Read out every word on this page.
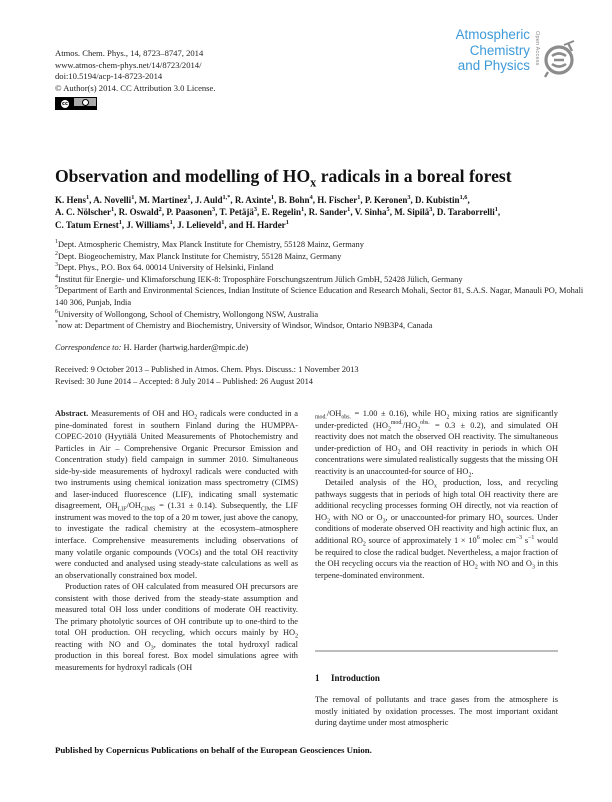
Atmos. Chem. Phys., 14, 8723–8747, 2014
www.atmos-chem-phys.net/14/8723/2014/
doi:10.5194/acp-14-8723-2014
© Author(s) 2014. CC Attribution 3.0 License.
cc
Atmospheric
Chemistry
and Physics
Open Access
Observation and modelling of $HO_x$ radicals in a boreal forest
K. Hens$^1$, A. Novelli$^1$, M. Martinez$^1$, J. Auld$^{1,*}$, R. Axinte$^1$, B. Bohn$^4$, H. Fischer$^1$, P. Keronen$^3$, D. Kubistin$^{1,6}$,
A. C. Nölscher$^1$, R. Oswald$^2$, P. Paasonen$^3$, T. Petäjä$^3$, E. Regelin$^1$, R. Sander$^1$, V. Sinha$^5$, M. Sipilä$^3$, D. Taraborrelli$^1$,
C. Tatum Ernest$^1$, J. Williams$^1$, J. Lelieveld$^1$, and H. Harder$^1$
$^1$Dept. Atmospheric Chemistry, Max Planck Institute for Chemistry, 55128 Mainz, Germany
$^2$Dept. Biogeochemistry, Max Planck Institute for Chemistry, 55128 Mainz, Germany
$^3$Dept. Phys., P.O. Box 64. 00014 University of Helsinki, Finland
$^4$Institut für Energie- und Klimaforschung IEK-8: Troposphäre Forschungszentrum Jülich GmbH, 52428 Jülich, Germany
$^5$Department of Earth and Environmental Sciences, Indian Institute of Science Education and Research Mohali, Sector 81, S.A.S. Nagar, Manauli PO, Mohali 140 306, Punjab, India
$^6$University of Wollongong, School of Chemistry, Wollongong NSW, Australia
*now at: Department of Chemistry and Biochemistry, University of Windsor, Windsor, Ontario N9B3P4, Canada
Correspondence to: H. Harder (hartwig.harder@mpic.de)
Received: 9 October 2013 – Published in Atmos. Chem. Phys. Discuss.: 1 November 2013
Revised: 30 June 2014 – Accepted: 8 July 2014 – Published: 26 August 2014

Abstract. Measurements of OH and $HO_2$ radicals were conducted in a pine-dominated forest in southern Finland during the HUMPPA-COPEC-2010 (Hyytiälä United Measurements of Photochemistry and Particles in Air – Comprehensive Organic Precursor Emission and Concentration study) field campaign in summer 2010. Simultaneous side-by-side measurements of hydroxyl radicals were conducted with two instruments using chemical ionization mass spectrometry (CIMS) and laser-induced fluorescence (LIF), indicating small systematic disagreement, $OH_{LIF}/OH_{CIMS} = (1.31 \pm 0.14)$. Subsequently, the LIF instrument was moved to the top of a 20 m tower, just above the canopy, to investigate the radical chemistry at the ecosystem–atmosphere interface. Comprehensive measurements including observations of many volatile organic compounds (VOCs) and the total OH reactivity were conducted and analysed using steady-state calculations as well as an observationally constrained box model.

Production rates of OH calculated from measured OH precursors are consistent with those derived from the steady-state assumption and measured total OH loss under conditions of moderate OH reactivity. The primary photolytic sources of OH contribute up to one-third to the total OH production. OH recycling, which occurs mainly by $HO_2$ reacting with NO and $O_3$, dominates the total hydroxyl radical production in this boreal forest. Box model simulations agree with measurements for hydroxyl radicals (OH

$_{mod.}/OH_{obs.} = 1.00 \pm 0.16$), while $HO_2$ mixing ratios are significantly under-predicted $(HO_2^{mod.}/HO_2^{obs.} = 0.3 \pm 0.2)$, and simulated OH reactivity does not match the observed OH reactivity. The simultaneous under-prediction of $HO_2$ and OH reactivity in periods in which OH concentrations were simulated realistically suggests that the missing OH reactivity is an unaccounted-for source of $HO_2$.

Detailed analysis of the $HO_x$ production, loss, and recycling pathways suggests that in periods of high total OH reactivity there are additional recycling processes forming OH directly, not via reaction of $HO_2$ with NO or $O_3$, or unaccounted-for primary $HO_x$ sources. Under conditions of moderate observed OH reactivity and high actinic flux, an additional $RO_2$ source of approximately $1 \times 10^6$ molec $cm^{-3}$ $s^{-1}$ would be required to close the radical budget. Nevertheless, a major fraction of the OH recycling occurs via the reaction of $HO_2$ with NO and $O_3$ in this terpene-dominated environment.

1 Introduction

The removal of pollutants and trace gases from the atmosphere is mostly initiated by oxidation processes. The most important oxidant during daytime under most atmospheric

Published by Copernicus Publications on behalf of the European Geosciences Union.
